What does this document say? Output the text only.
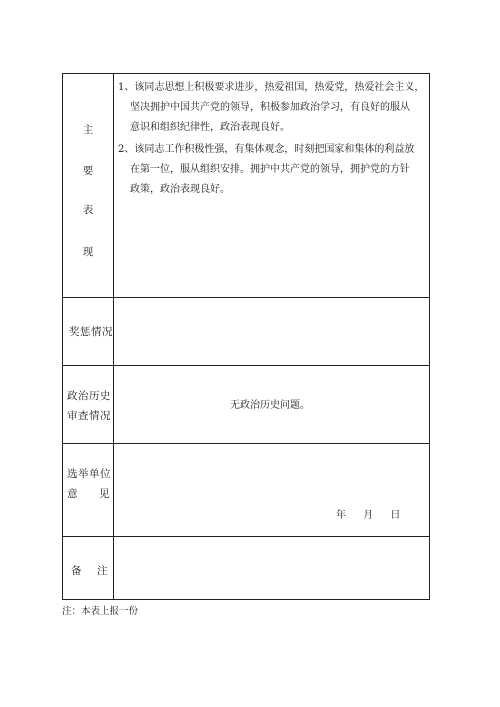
主
要
表
现
1、该同志思想上积极要求进步，热爱祖国，热爱党，热爱社会主义，
坚决拥护中国共产党的领导，积极参加政治学习，有良好的服从
意识和组织纪律性，政治表现良好。
2、该同志工作积极性强，有集体观念，时刻把国家和集体的利益放
在第一位，服从组织安排。拥护中共产党的领导，拥护党的方针
政策，政治表现良好。
奖惩情况
政治历史
审查情况
无政治历史问题。
选举单位
意 见
年 月 日
备 注
注：本表上报一份
